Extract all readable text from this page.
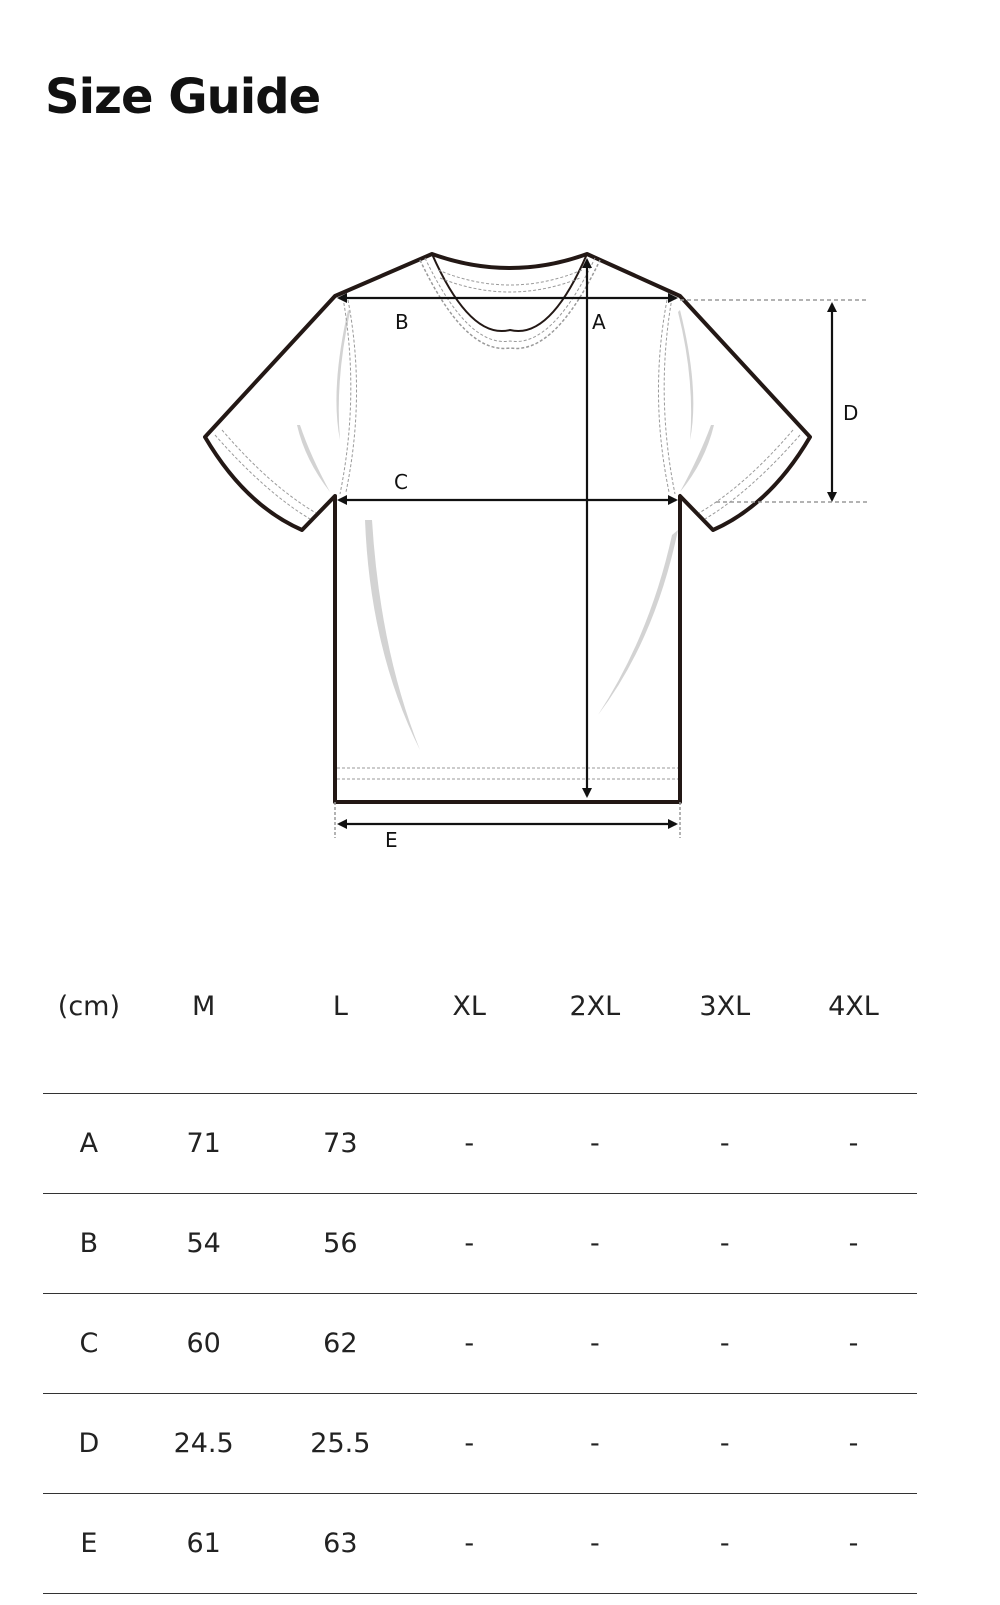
Size Guide
B	A
C
D
E
(cm)	M	L	XL	2XL	3XL	4XL
A	71	73	-	-	-	-
B	54	56	-	-	-	-
C	60	62	-	-	-	-
D	24.5	25.5	-	-	-	-
E	61	63	-	-	-	-
